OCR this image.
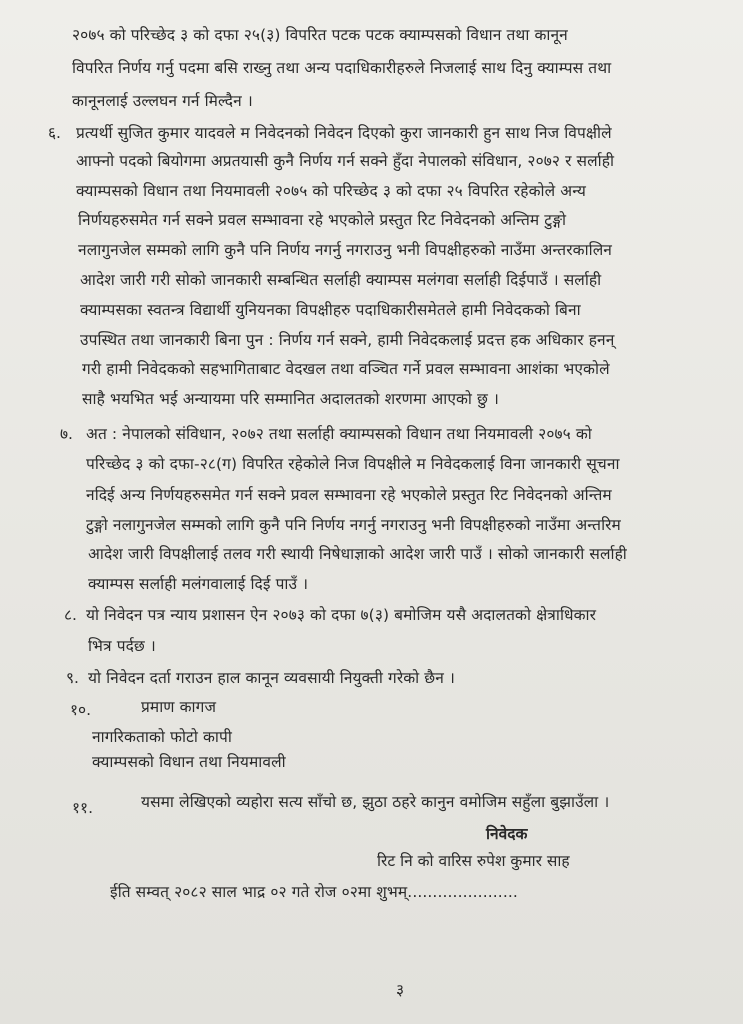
२०७५ को परिच्छेद ३ को दफा २५(३) विपरित पटक पटक क्याम्पसको विधान तथा कानून
विपरित निर्णय गर्नु पदमा बसि राख्नु तथा अन्य पदाधिकारीहरुले निजलाई साथ दिनु क्याम्पस तथा
कानूनलाई उल्लघन गर्न मिल्दैन ।
६. प्रत्यर्थी सुजित कुमार यादवले म निवेदनको निवेदन दिएको कुरा जानकारी हुन साथ निज विपक्षीले
आफ्नो पदको बियोगमा अप्रतयासी कुनै निर्णय गर्न सक्ने हुँदा नेपालको संविधान, २०७२ र सर्लाही
क्याम्पसको विधान तथा नियमावली २०७५ को परिच्छेद ३ को दफा २५ विपरित रहेकोले अन्य
निर्णयहरुसमेत गर्न सक्ने प्रवल सम्भावना रहे भएकोले प्रस्तुत रिट निवेदनको अन्तिम टुङ्गो
नलागुनजेल सम्मको लागि कुनै पनि निर्णय नगर्नु नगराउनु भनी विपक्षीहरुको नाउँमा अन्तरकालिन
आदेश जारी गरी सोको जानकारी सम्बन्धित सर्लाही क्याम्पस मलंगवा सर्लाही दिईपाउँ । सर्लाही
क्याम्पसका स्वतन्त्र विद्यार्थी युनियनका विपक्षीहरु पदाधिकारीसमेतले हामी निवेदकको बिना
उपस्थित तथा जानकारी बिना पुन : निर्णय गर्न सक्ने, हामी निवेदकलाई प्रदत्त हक अधिकार हनन्
गरी हामी निवेदकको सहभागिताबाट वेदखल तथा वञ्चित गर्ने प्रवल सम्भावना आशंका भएकोले
साहै भयभित भई अन्यायमा परि सम्मानित अदालतको शरणमा आएको छु ।
७. अत : नेपालको संविधान, २०७२ तथा सर्लाही क्याम्पसको विधान तथा नियमावली २०७५ को
परिच्छेद ३ को दफा-२८(ग) विपरित रहेकोले निज विपक्षीले म निवेदकलाई विना जानकारी सूचना
नदिई अन्य निर्णयहरुसमेत गर्न सक्ने प्रवल सम्भावना रहे भएकोले प्रस्तुत रिट निवेदनको अन्तिम
टुङ्गो नलागुनजेल सम्मको लागि कुनै पनि निर्णय नगर्नु नगराउनु भनी विपक्षीहरुको नाउँमा अन्तरिम
आदेश जारी विपक्षीलाई तलव गरी स्थायी निषेधाज्ञाको आदेश जारी पाउँ । सोको जानकारी सर्लाही
क्याम्पस सर्लाही मलंगवालाई दिई पाउँ ।
८. यो निवेदन पत्र न्याय प्रशासन ऐन २०७३ को दफा ७(३) बमोजिम यसै अदालतको क्षेत्राधिकार
भित्र पर्दछ ।
९. यो निवेदन दर्ता गराउन हाल कानून व्यवसायी नियुक्ती गरेको छैन ।
१०.	प्रमाण कागज
नागरिकताको फोटो कापी
क्याम्पसको विधान तथा नियमावली
११.	यसमा लेखिएको व्यहोरा सत्य साँचो छ, झुठा ठहरे कानुन वमोजिम सहुँला बुझाउँला ।
निवेदक
रिट नि को वारिस रुपेश कुमार साह
ईति सम्वत् २०८२ साल भाद्र ०२ गते रोज ०२मा शुभम्......................
३
